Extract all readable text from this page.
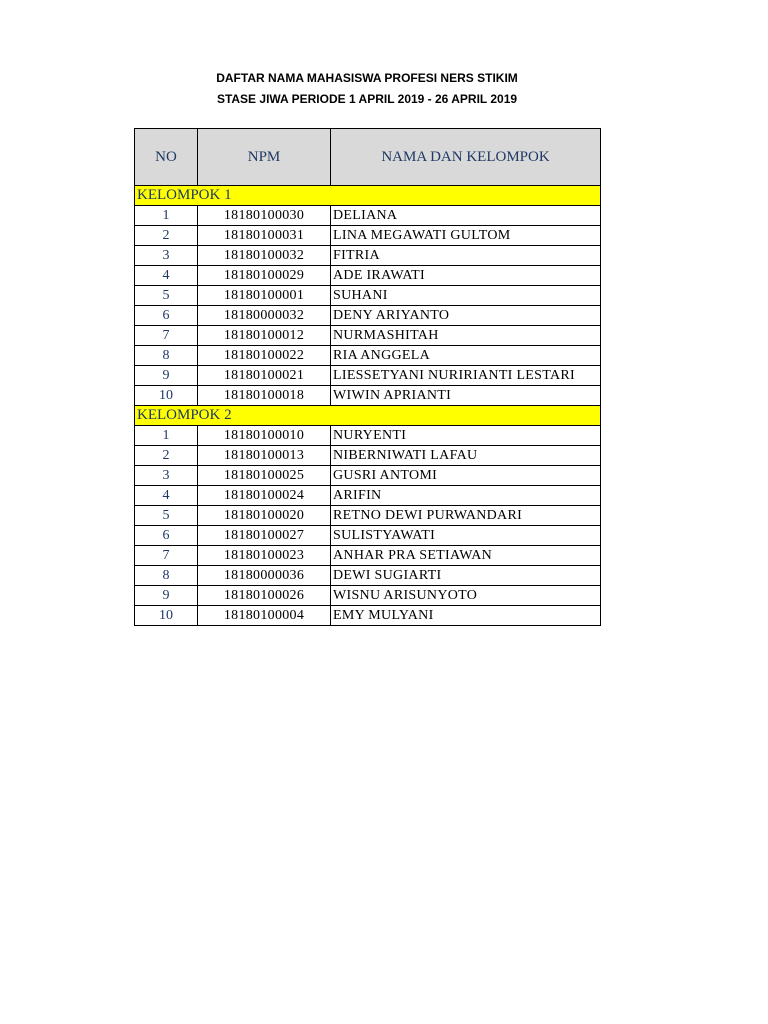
DAFTAR NAMA MAHASISWA PROFESI NERS STIKIM
STASE JIWA PERIODE 1 APRIL 2019 - 26 APRIL 2019
NO	NPM	NAMA DAN KELOMPOK
KELOMPOK 1		
1	18180100030	DELIANA
2	18180100031	LINA MEGAWATI GULTOM
3	18180100032	FITRIA
4	18180100029	ADE IRAWATI
5	18180100001	SUHANI
6	18180000032	DENY ARIYANTO
7	18180100012	NURMASHITAH
8	18180100022	RIA ANGGELA
9	18180100021	LIESSETYANI NURIRIANTI LESTARI
10	18180100018	WIWIN APRIANTI
KELOMPOK 2		
1	18180100010	NURYENTI
2	18180100013	NIBERNIWATI LAFAU
3	18180100025	GUSRI ANTOMI
4	18180100024	ARIFIN
5	18180100020	RETNO DEWI PURWANDARI
6	18180100027	SULISTYAWATI
7	18180100023	ANHAR PRA SETIAWAN
8	18180000036	DEWI SUGIARTI
9	18180100026	WISNU ARISUNYOTO
10	18180100004	EMY MULYANI
